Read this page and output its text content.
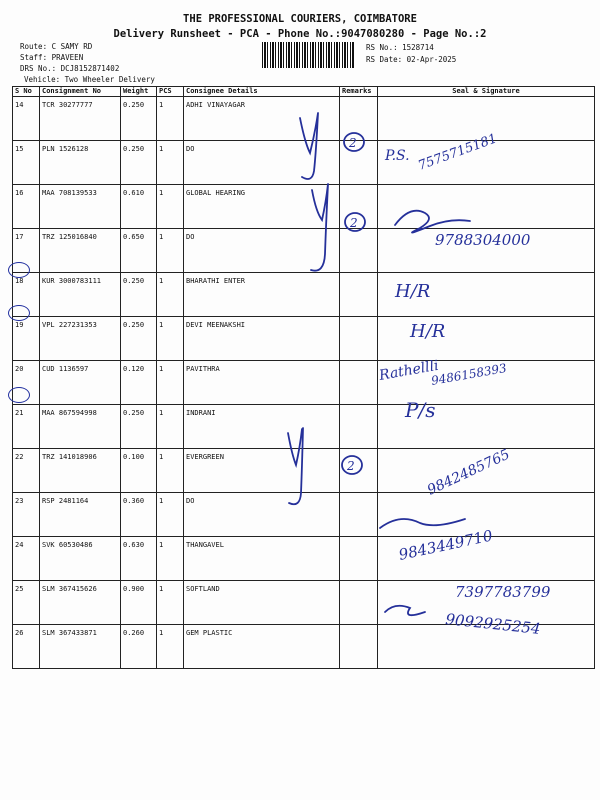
THE PROFESSIONAL COURIERS, COIMBATORE
Delivery Runsheet - PCA - Phone No.:9047080280 - Page No.:2
Route: C SAMY RD
Staff: PRAVEEN
DRS No.: DCJ8152871402
Vehicle: Two Wheeler Delivery
RS No.: 1528714
RS Date: 02-Apr-2025
S No	Consignment No	Weight	PCS	Consignee Details	Remarks	Seal & Signature
14	TCR 30277777	0.250	1	ADHI VINAYAGAR		
15	PLN 1526128	0.250	1	DO		
16	MAA 708139533	0.610	1	GLOBAL HEARING		
17	TRZ 125016840	0.650	1	DO		
18	KUR 3000783111	0.250	1	BHARATHI ENTER		
19	VPL 227231353	0.250	1	DEVI MEENAKSHI		
20	CUD 1136597	0.120	1	PAVITHRA		
21	MAA 867594998	0.250	1	INDRANI		
22	TRZ 141018906	0.100	1	EVERGREEN		
23	RSP 2481164	0.360	1	DO		
24	SVK 60530486	0.630	1	THANGAVEL		
25	SLM 367415626	0.900	1	SOFTLAND		
26	SLM 367433871	0.260	1	GEM PLASTIC		
2
2
2
P.S. 7575715181
9788304000
H/R
H/R
Rathellli
9486158393
P/s
9842485765
9843449710
7397783799
9092925254
